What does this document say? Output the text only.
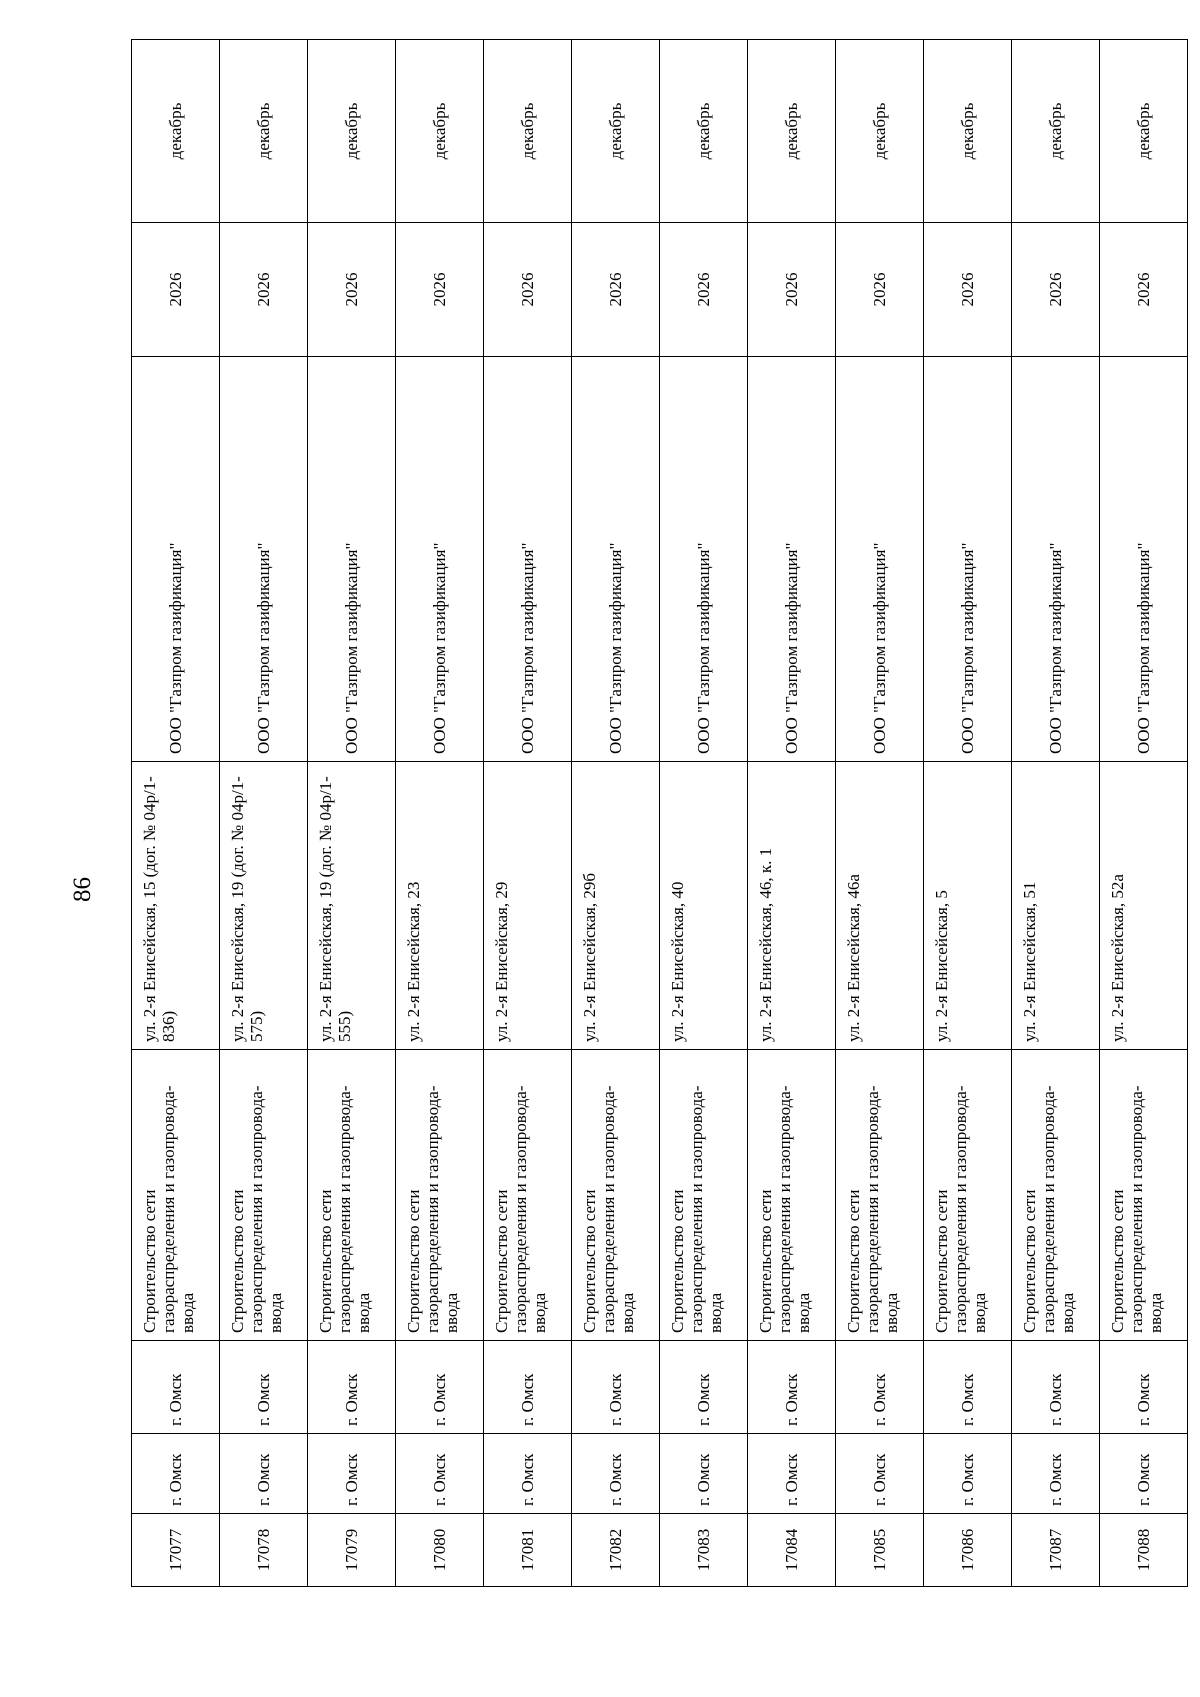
86
17077	г. Омск	г. Омск	Строительство сети газораспределения и газопровода-ввода	ул. 2-я Енисейская, 15 (дог. № 04р/1-836)	ООО "Газпром газификация"	2026	декабрь
17078	г. Омск	г. Омск	Строительство сети газораспределения и газопровода-ввода	ул. 2-я Енисейская, 19 (дог. № 04р/1-575)	ООО "Газпром газификация"	2026	декабрь
17079	г. Омск	г. Омск	Строительство сети газораспределения и газопровода-ввода	ул. 2-я Енисейская, 19 (дог. № 04р/1-555)	ООО "Газпром газификация"	2026	декабрь
17080	г. Омск	г. Омск	Строительство сети газораспределения и газопровода-ввода	ул. 2-я Енисейская, 23	ООО "Газпром газификация"	2026	декабрь
17081	г. Омск	г. Омск	Строительство сети газораспределения и газопровода-ввода	ул. 2-я Енисейская, 29	ООО "Газпром газификация"	2026	декабрь
17082	г. Омск	г. Омск	Строительство сети газораспределения и газопровода-ввода	ул. 2-я Енисейская, 29б	ООО "Газпром газификация"	2026	декабрь
17083	г. Омск	г. Омск	Строительство сети газораспределения и газопровода-ввода	ул. 2-я Енисейская, 40	ООО "Газпром газификация"	2026	декабрь
17084	г. Омск	г. Омск	Строительство сети газораспределения и газопровода-ввода	ул. 2-я Енисейская, 46, к. 1	ООО "Газпром газификация"	2026	декабрь
17085	г. Омск	г. Омск	Строительство сети газораспределения и газопровода-ввода	ул. 2-я Енисейская, 46а	ООО "Газпром газификация"	2026	декабрь
17086	г. Омск	г. Омск	Строительство сети газораспределения и газопровода-ввода	ул. 2-я Енисейская, 5	ООО "Газпром газификация"	2026	декабрь
17087	г. Омск	г. Омск	Строительство сети газораспределения и газопровода-ввода	ул. 2-я Енисейская, 51	ООО "Газпром газификация"	2026	декабрь
17088	г. Омск	г. Омск	Строительство сети газораспределения и газопровода-ввода	ул. 2-я Енисейская, 52а	ООО "Газпром газификация"	2026	декабрь
